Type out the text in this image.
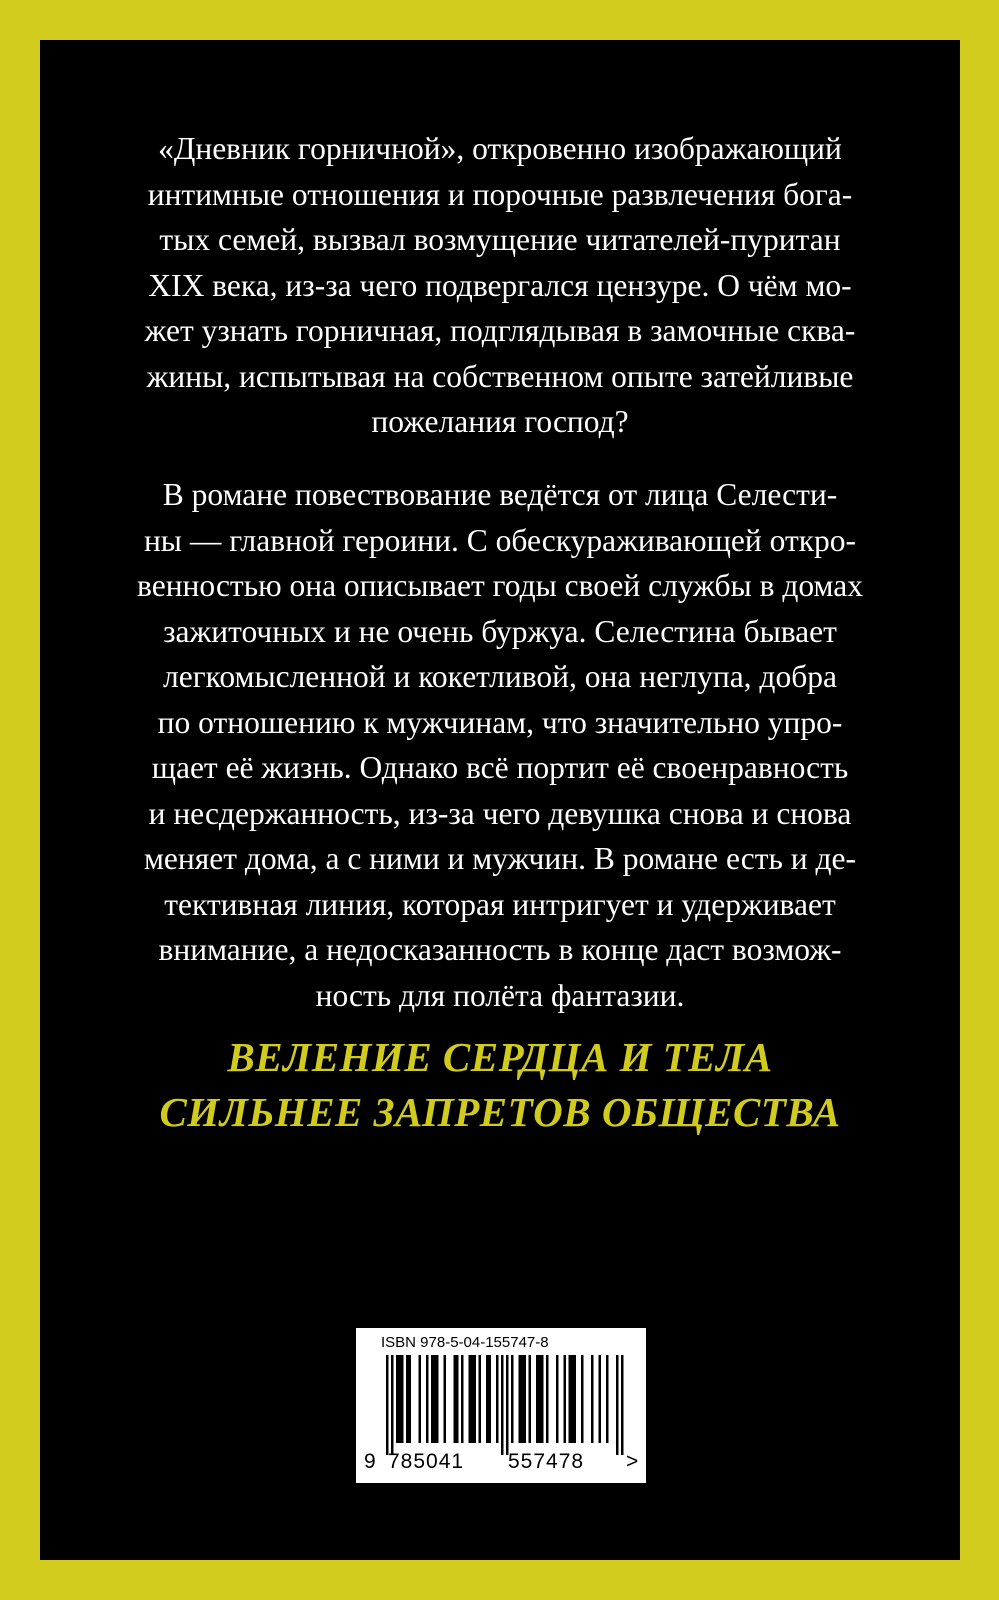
«Дневник горничной», откровенно изображающий
интимные отношения и порочные развлечения бога-
тых семей, вызвал возмущение читателей-пуритан
XIX века, из-за чего подвергался цензуре. О чём мо-
жет узнать горничная, подглядывая в замочные сква-
жины, испытывая на собственном опыте затейливые
пожелания господ?
В романе повествование ведётся от лица Селести-
ны — главной героини. С обескураживающей откро-
венностью она описывает годы своей службы в домах
зажиточных и не очень буржуа. Селестина бывает
легкомысленной и кокетливой, она неглупа, добра
по отношению к мужчинам, что значительно упро-
щает её жизнь. Однако всё портит её своенравность
и несдержанность, из-за чего девушка снова и снова
меняет дома, а с ними и мужчин. В романе есть и де-
тективная линия, которая интригует и удерживает
внимание, а недосказанность в конце даст возмож-
ность для полёта фантазии.
ВЕЛЕНИЕ СЕРДЦА И ТЕЛА
СИЛЬНЕЕ ЗАПРЕТОВ ОБЩЕСТВА
ISBN 978-5-04-155747-8
9 785041 557478 >
